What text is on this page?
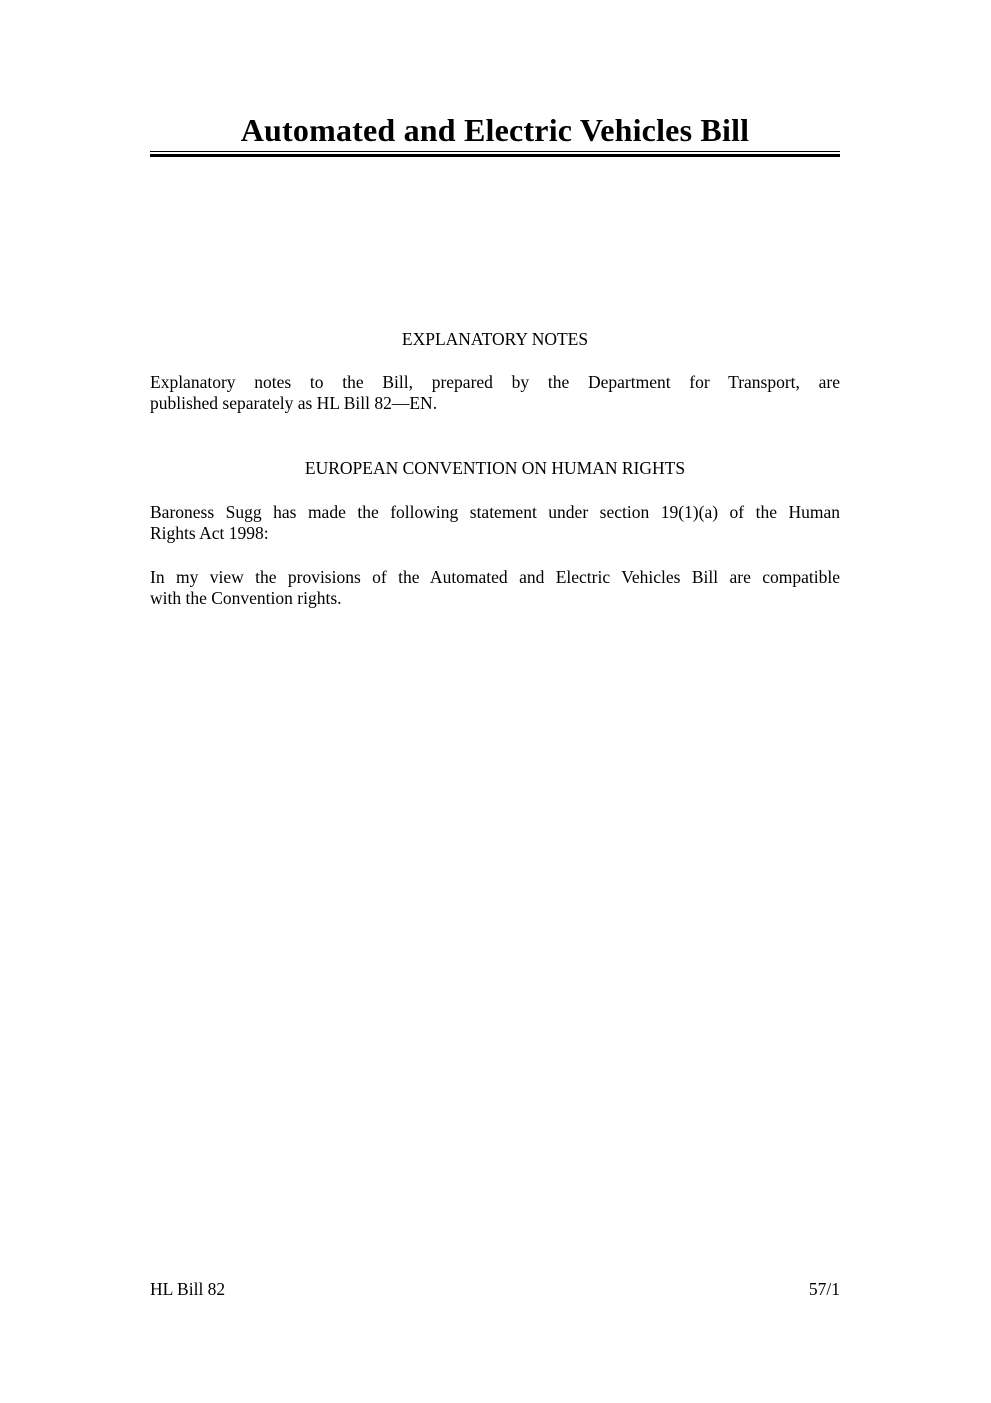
Automated and Electric Vehicles Bill
EXPLANATORY NOTES
Explanatory notes to the Bill, prepared by the Department for Transport, are
published separately as HL Bill 82—EN.
EUROPEAN CONVENTION ON HUMAN RIGHTS
Baroness Sugg has made the following statement under section 19(1)(a) of the Human
Rights Act 1998:
In my view the provisions of the Automated and Electric Vehicles Bill are compatible
with the Convention rights.
HL Bill 82	57/1
